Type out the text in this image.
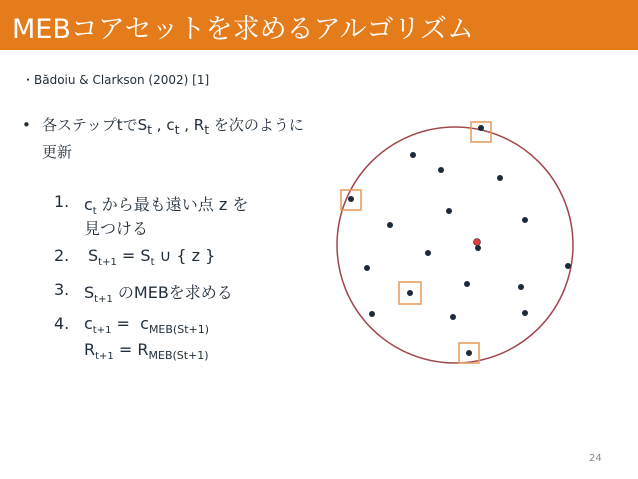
MEBコアセットを求めるアルゴリズム
・Bădoiu & Clarkson (2002) [1]
• 各ステップtで$S_t$ , $c_t$ , $R_t$ を次のように更新
1. $c_t$ から最も遠い点 z を
見つける
2. $S_{t+1} = S_t$ ∪ { z }
3. $S_{t+1}$ のMEBを求める
4. $c_{t+1} = c_{MEB(St+1)}$
$R_{t+1} = R_{MEB(St+1)}$
24
